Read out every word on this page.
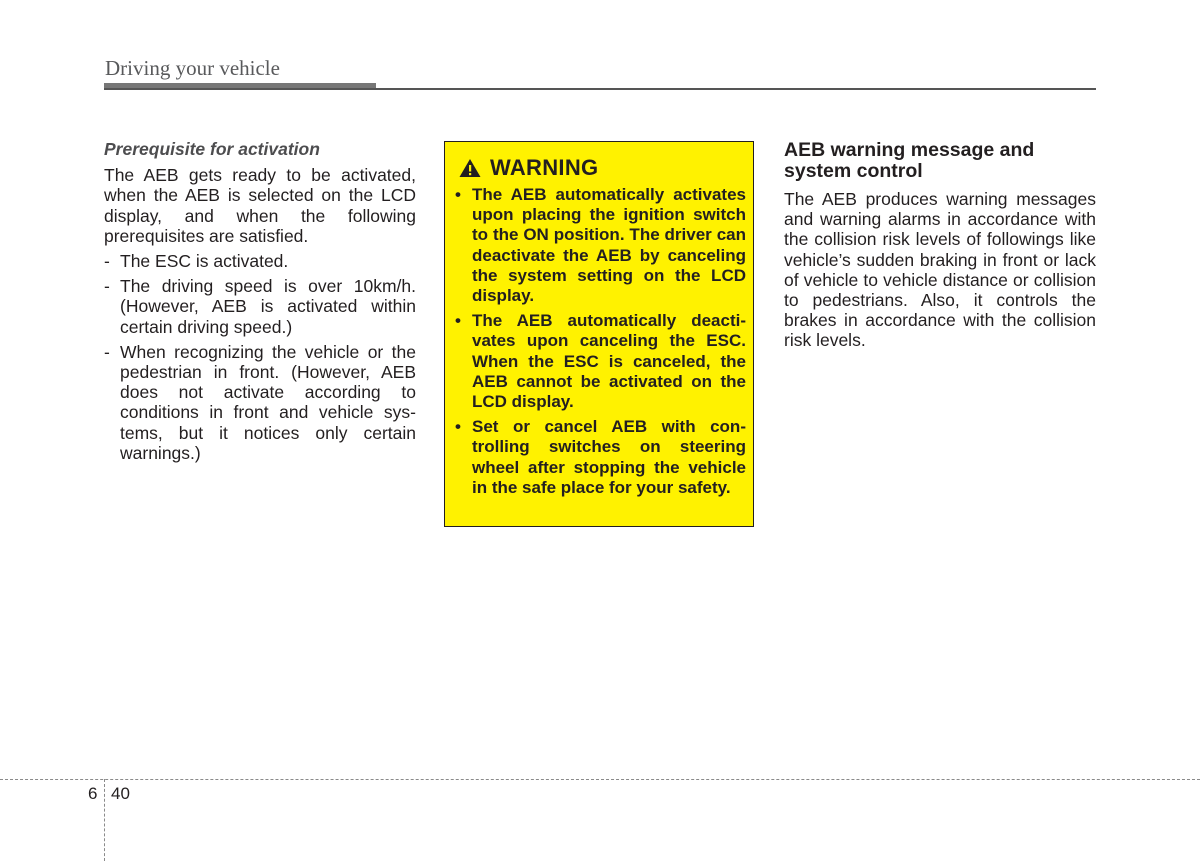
Driving your vehicle

Prerequisite for activation

The AEB gets ready to be activated, when the AEB is selected on the LCD display, and when the following prerequisites are satisfied.

- The ESC is activated.
- The driving speed is over 10km/h. (However, AEB is activated within certain driving speed.)
- When recognizing the vehicle or the pedestrian in front. (However, AEB does not activate according to conditions in front and vehicle systems, but it notices only certain warnings.)
WARNING
• The AEB automatically activates upon placing the ignition switch to the ON position. The driver can deactivate the AEB by canceling the system setting on the LCD display.
• The AEB automatically deactivates upon canceling the ESC. When the ESC is canceled, the AEB cannot be activated on the LCD display.
• Set or cancel AEB with controlling switches on steering wheel after stopping the vehicle in the safe place for your safety.
AEB warning message and system control

The AEB produces warning messages and warning alarms in accordance with the collision risk levels of followings like vehicle’s sudden braking in front or lack of vehicle to vehicle distance or collision to pedestrians. Also, it controls the brakes in accordance with the collision risk levels.

6 40
